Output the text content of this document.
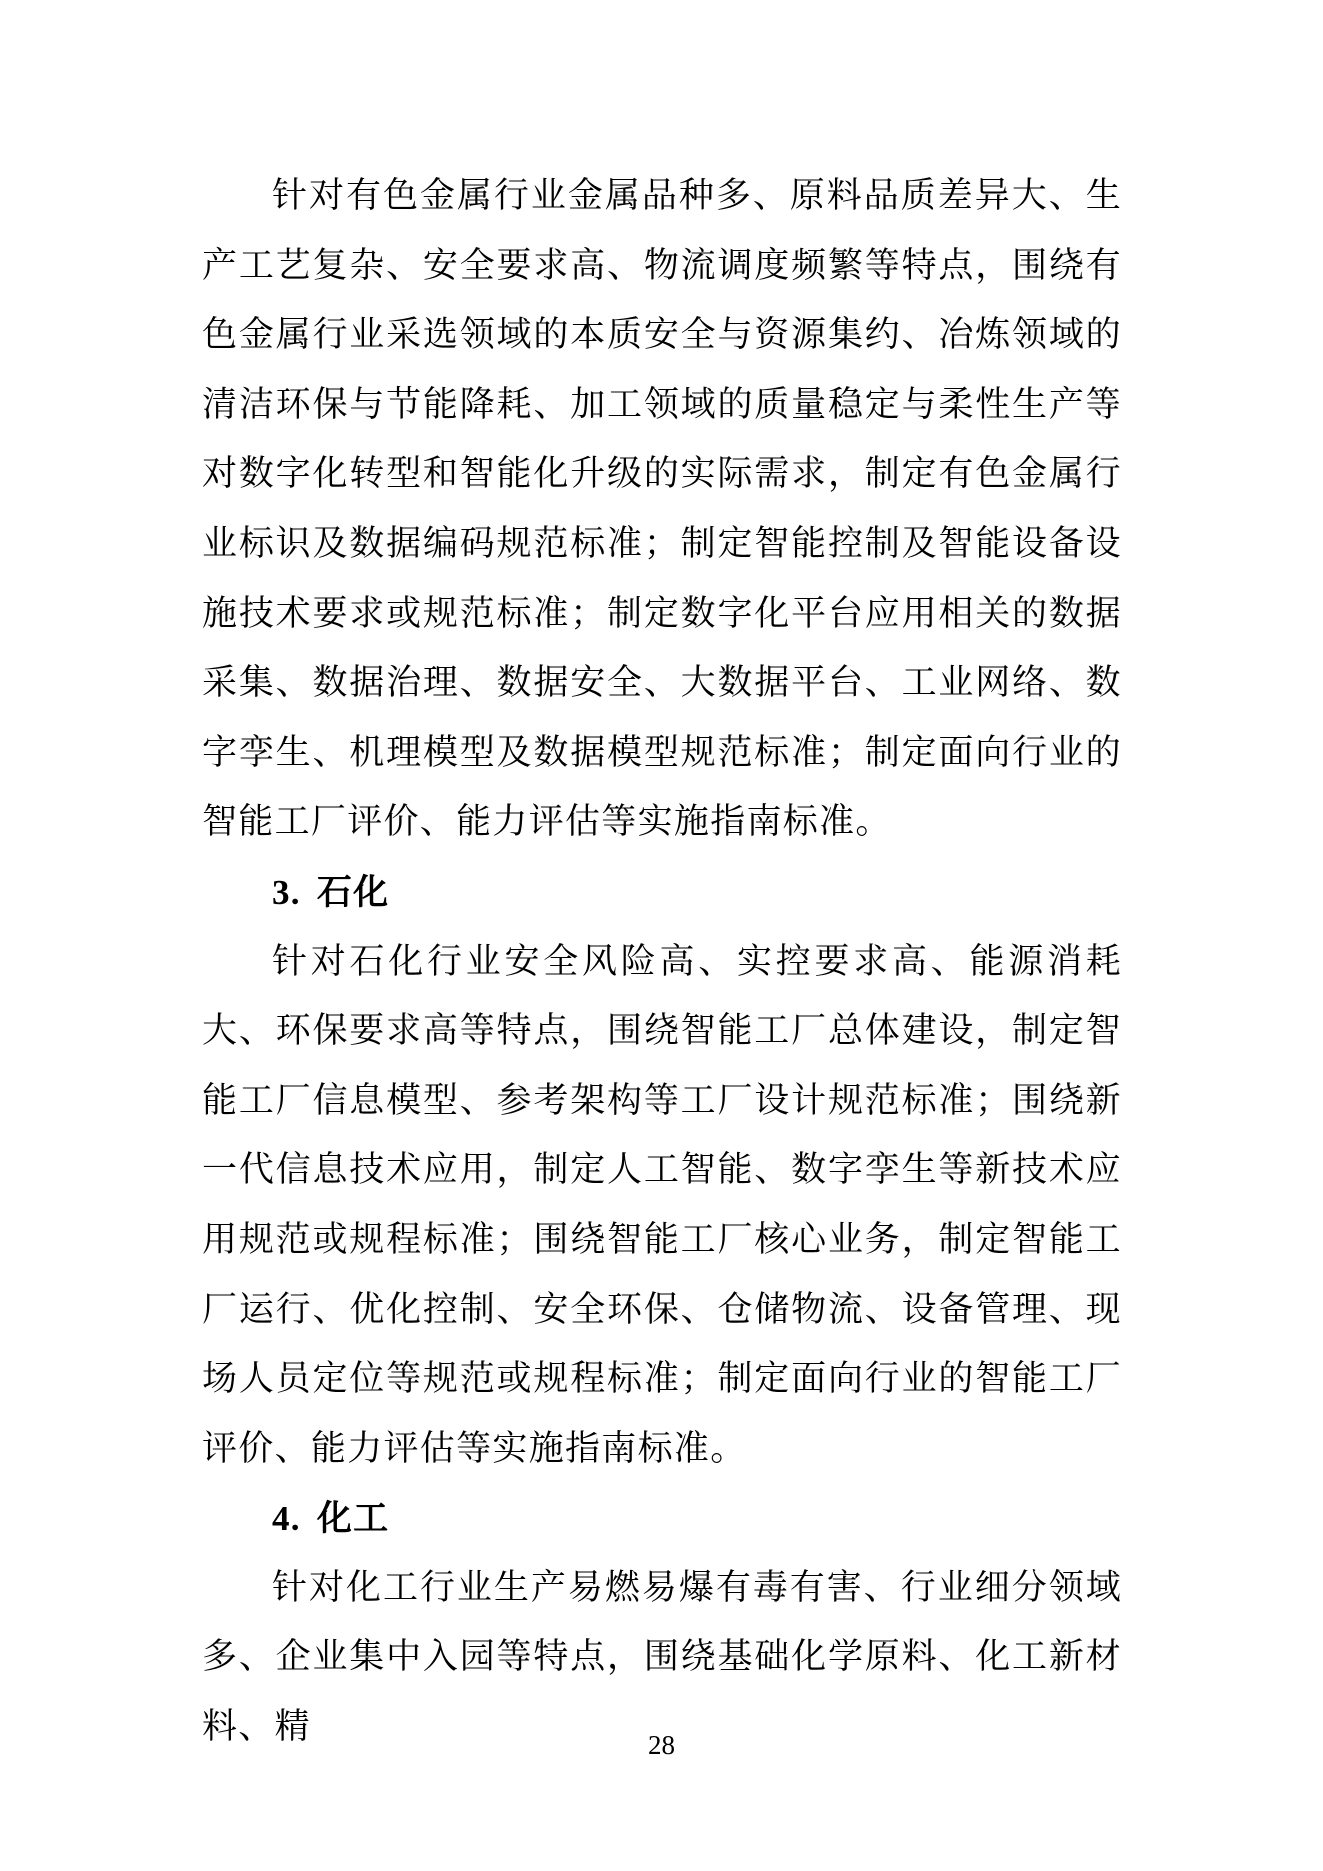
针对有色金属行业金属品种多、原料品质差异大、生产工艺复杂、安全要求高、物流调度频繁等特点，围绕有色金属行业采选领域的本质安全与资源集约、冶炼领域的清洁环保与节能降耗、加工领域的质量稳定与柔性生产等对数字化转型和智能化升级的实际需求，制定有色金属行业标识及数据编码规范标准；制定智能控制及智能设备设施技术要求或规范标准；制定数字化平台应用相关的数据采集、数据治理、数据安全、大数据平台、工业网络、数字孪生、机理模型及数据模型规范标准；制定面向行业的智能工厂评价、能力评估等实施指南标准。

3. 石化

针对石化行业安全风险高、实控要求高、能源消耗大、环保要求高等特点，围绕智能工厂总体建设，制定智能工厂信息模型、参考架构等工厂设计规范标准；围绕新一代信息技术应用，制定人工智能、数字孪生等新技术应用规范或规程标准；围绕智能工厂核心业务，制定智能工厂运行、优化控制、安全环保、仓储物流、设备管理、现场人员定位等规范或规程标准；制定面向行业的智能工厂评价、能力评估等实施指南标准。

4. 化工

针对化工行业生产易燃易爆有毒有害、行业细分领域多、企业集中入园等特点，围绕基础化学原料、化工新材料、精	28
